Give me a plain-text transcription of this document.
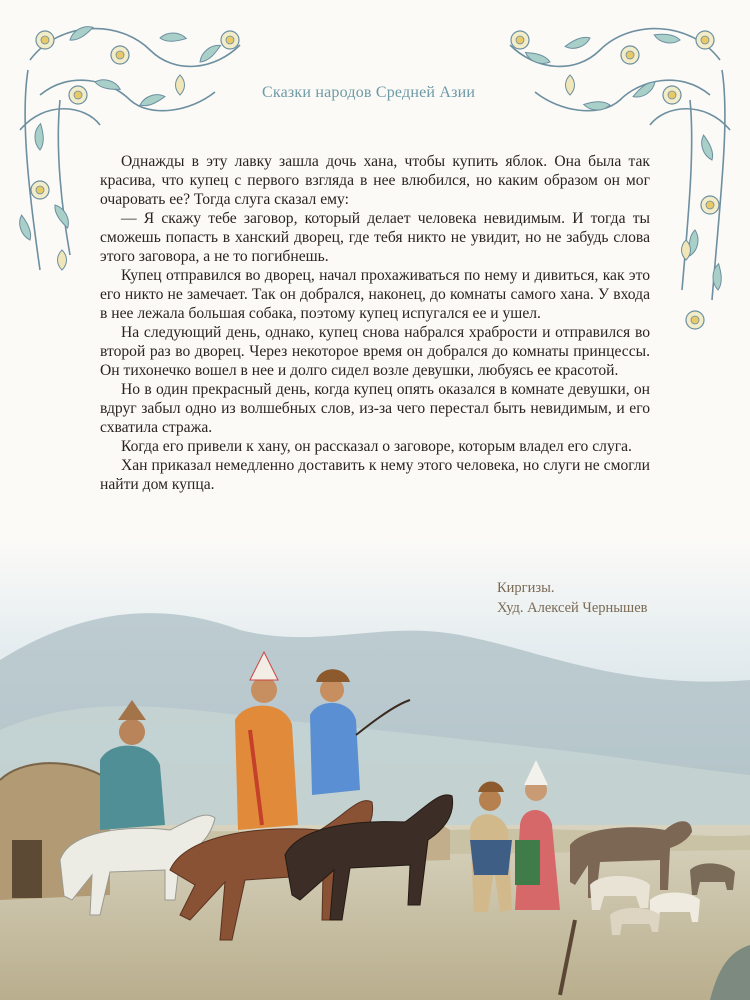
Сказки народов Средней Азии

Однажды в эту лавку зашла дочь хана, чтобы купить яблок. Она была так красива, что купец с первого взгляда в нее влюбился, но каким образом он мог очаровать ее? Тогда слуга сказал ему:

— Я скажу тебе заговор, который делает человека невидимым. И тогда ты сможешь попасть в ханский дворец, где тебя никто не увидит, но не забудь слова этого заговора, а не то погибнешь.

Купец отправился во дворец, начал прохаживаться по нему и дивиться, как это его никто не замечает. Так он добрался, наконец, до комнаты самого хана. У входа в нее лежала большая собака, поэтому купец испугался ее и ушел.

На следующий день, однако, купец снова набрался храбрости и отправился во второй раз во дворец. Через некоторое время он добрался до комнаты принцессы. Он тихонечко вошел в нее и долго сидел возле девушки, любуясь ее красотой.

Но в один прекрасный день, когда купец опять оказался в комнате девушки, он вдруг забыл одно из волшебных слов, из-за чего перестал быть невидимым, и его схватила стража.

Когда его привели к хану, он рассказал о заговоре, которым владел его слуга.

Хан приказал немедленно доставить к нему этого человека, но слуги не смогли найти дом купца.

Киргизы.
Худ. Алексей Чернышев
